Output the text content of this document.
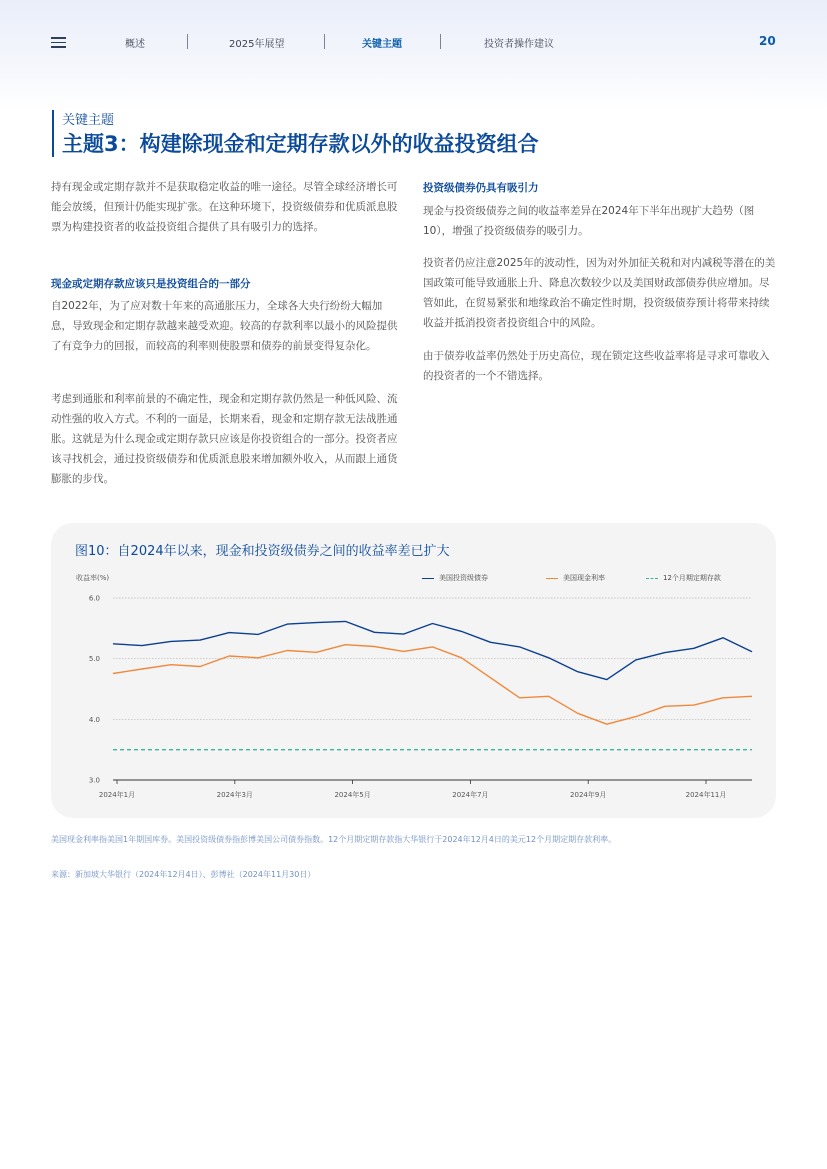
概述	2025年展望	关键主题	投资者操作建议	20
关键主题
主题3：构建除现金和定期存款以外的收益投资组合

持有现金或定期存款并不是获取稳定收益的唯一途径。尽管全球经济增长可能会放缓，但预计仍能实现扩张。在这种环境下，投资级债券和优质派息股票为构建投资者的收益投资组合提供了具有吸引力的选择。

现金或定期存款应该只是投资组合的一部分

自2022年，为了应对数十年来的高通胀压力，全球各大央行纷纷大幅加息，导致现金和定期存款越来越受欢迎。较高的存款利率以最小的风险提供了有竞争力的回报，而较高的利率则使股票和债券的前景变得复杂化。

考虑到通胀和利率前景的不确定性，现金和定期存款仍然是一种低风险、流动性强的收入方式。不利的一面是，长期来看，现金和定期存款无法战胜通胀。这就是为什么现金或定期存款只应该是你投资组合的一部分。投资者应该寻找机会，通过投资级债券和优质派息股来增加额外收入，从而跟上通货膨胀的步伐。

投资级债券仍具有吸引力

现金与投资级债券之间的收益率差异在2024年下半年出现扩大趋势（图10），增强了投资级债券的吸引力。

投资者仍应注意2025年的波动性，因为对外加征关税和对内减税等潜在的美国政策可能导致通胀上升、降息次数较少以及美国财政部债券供应增加。尽管如此，在贸易紧张和地缘政治不确定性时期，投资级债券预计将带来持续收益并抵消投资者投资组合中的风险。

由于债券收益率仍然处于历史高位，现在锁定这些收益率将是寻求可靠收入的投资者的一个不错选择。

图10：自2024年以来，现金和投资级债券之间的收益率差已扩大
收益率(%)	美国投资级债券	美国现金利率	12个月期定期存款
6.0
5.0
4.0
3.0
2024年1月	2024年3月	2024年5月	2024年7月	2024年9月	2024年11月

美国现金利率指美国1年期国库券。美国投资级债券指彭博美国公司债券指数。12个月期定期存款指大华银行于2024年12月4日的美元12个月期定期存款利率。

来源：新加坡大华银行（2024年12月4日）、彭博社（2024年11月30日）
